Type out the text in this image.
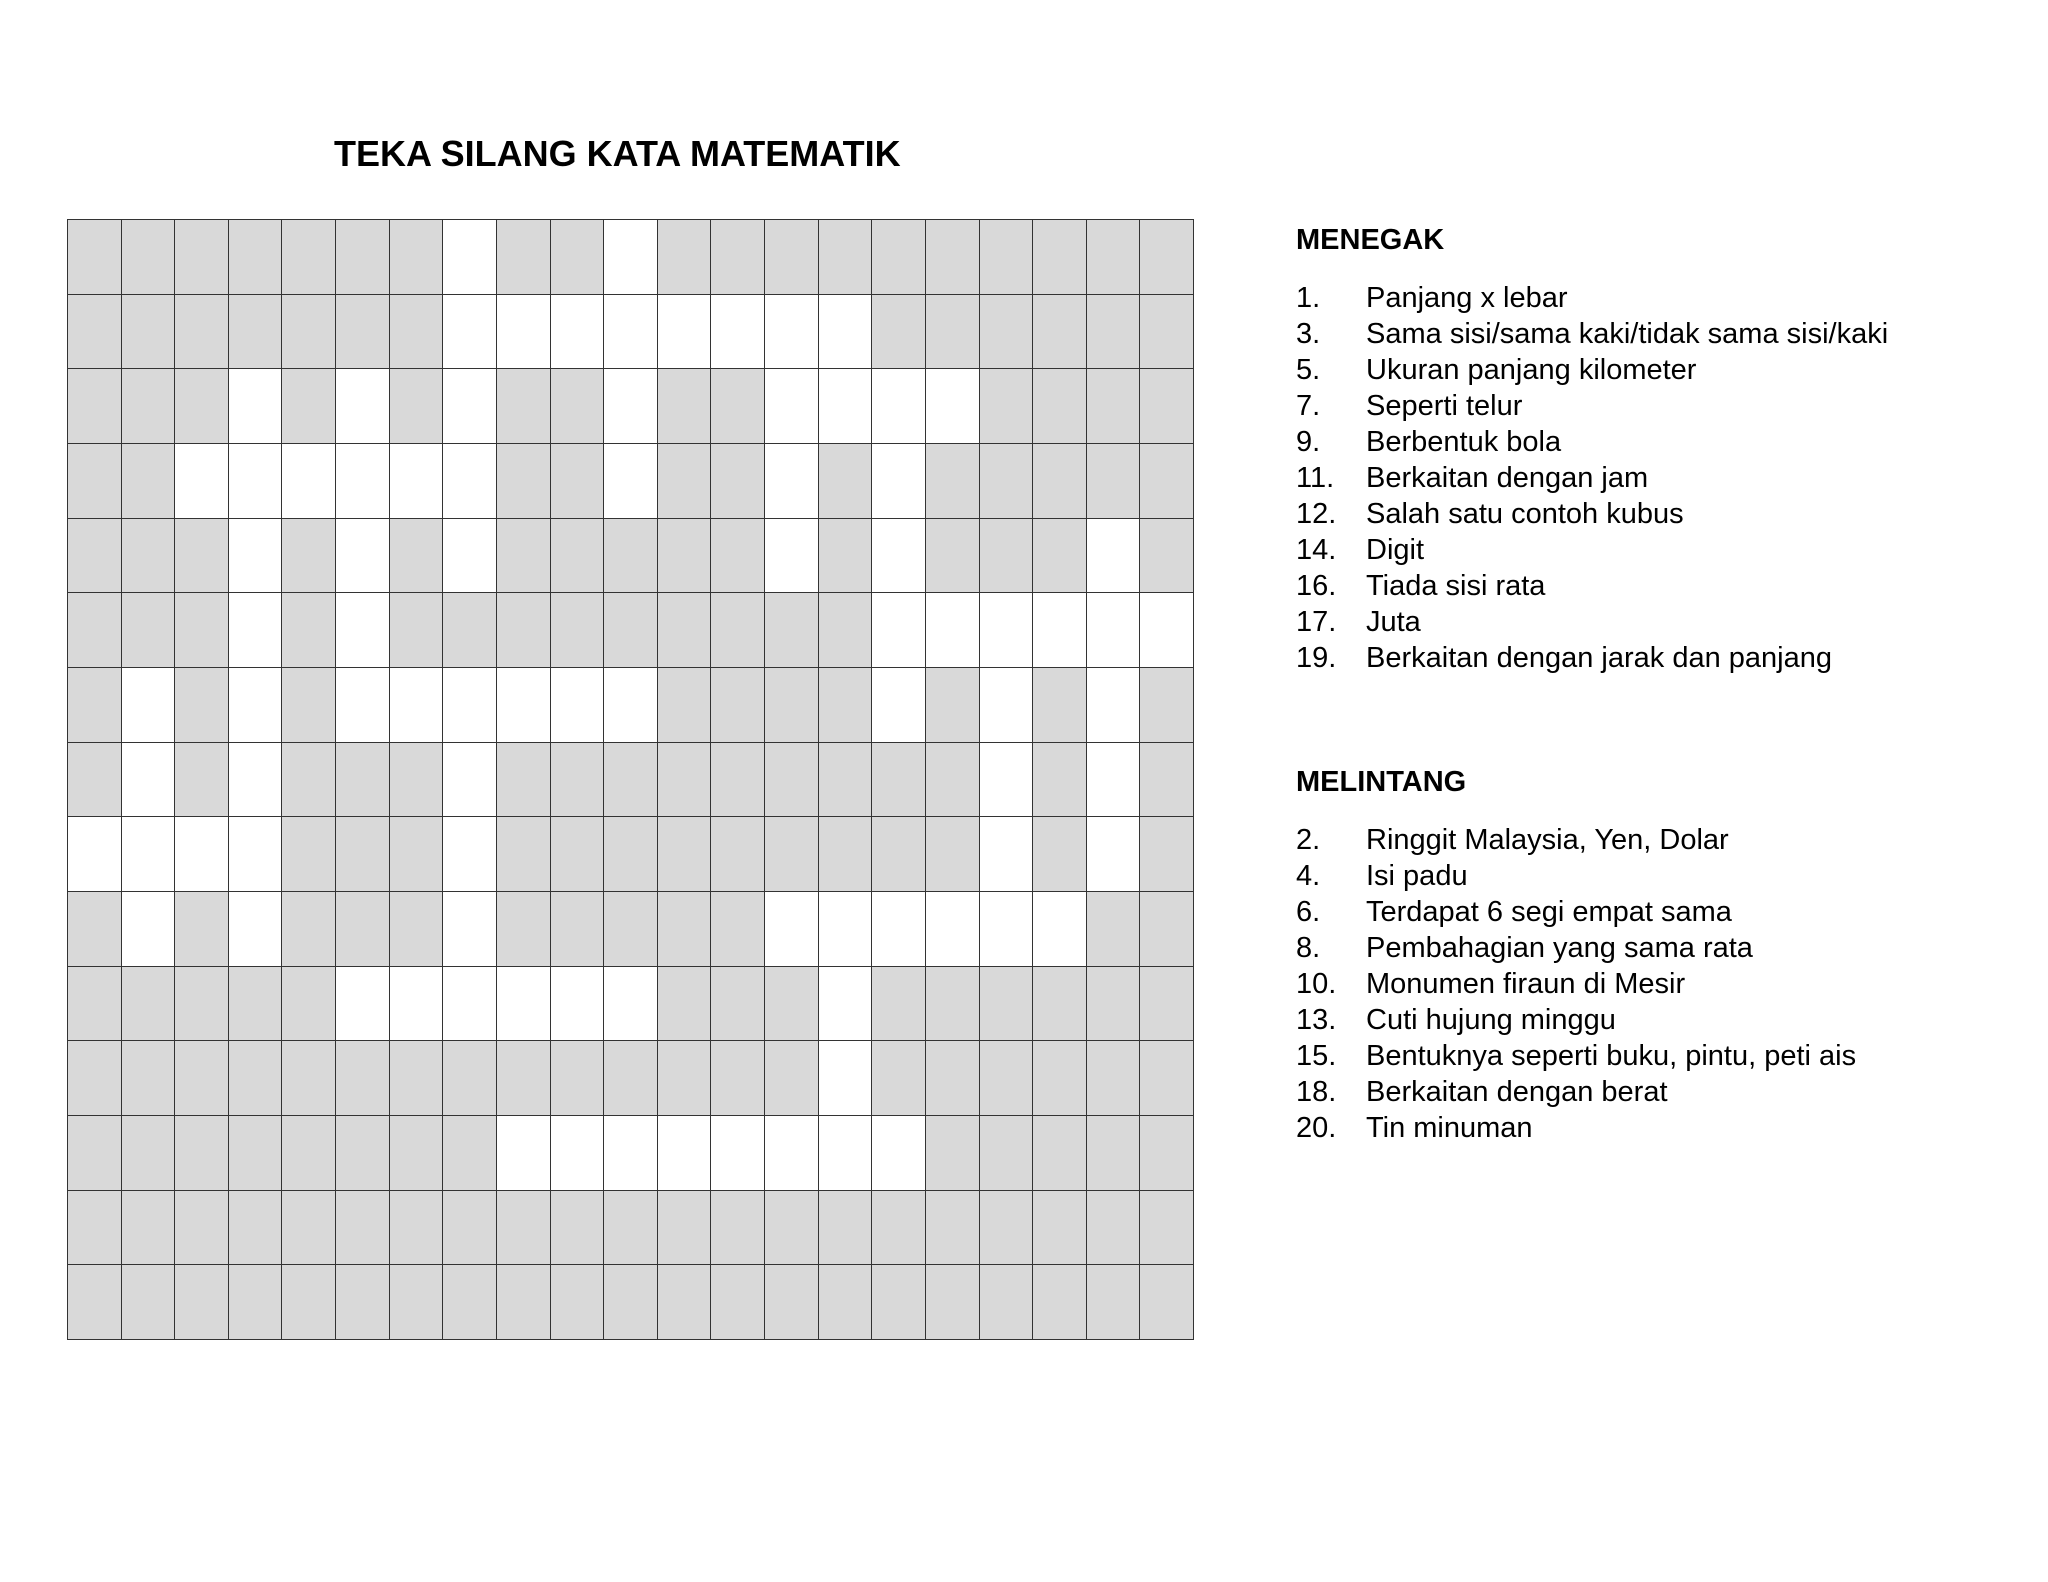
TEKA SILANG KATA MATEMATIK
MENEGAK
1.	Panjang x lebar
3.	Sama sisi/sama kaki/tidak sama sisi/kaki
5.	Ukuran panjang kilometer
7.	Seperti telur
9.	Berbentuk bola
11.	Berkaitan dengan jam
12.	Salah satu contoh kubus
14.	Digit
16.	Tiada sisi rata
17.	Juta
19.	Berkaitan dengan jarak dan panjang
MELINTANG
2.	Ringgit Malaysia, Yen, Dolar
4.	Isi padu
6.	Terdapat 6 segi empat sama
8.	Pembahagian yang sama rata
10.	Monumen firaun di Mesir
13.	Cuti hujung minggu
15.	Bentuknya seperti buku, pintu, peti ais
18.	Berkaitan dengan berat
20.	Tin minuman
